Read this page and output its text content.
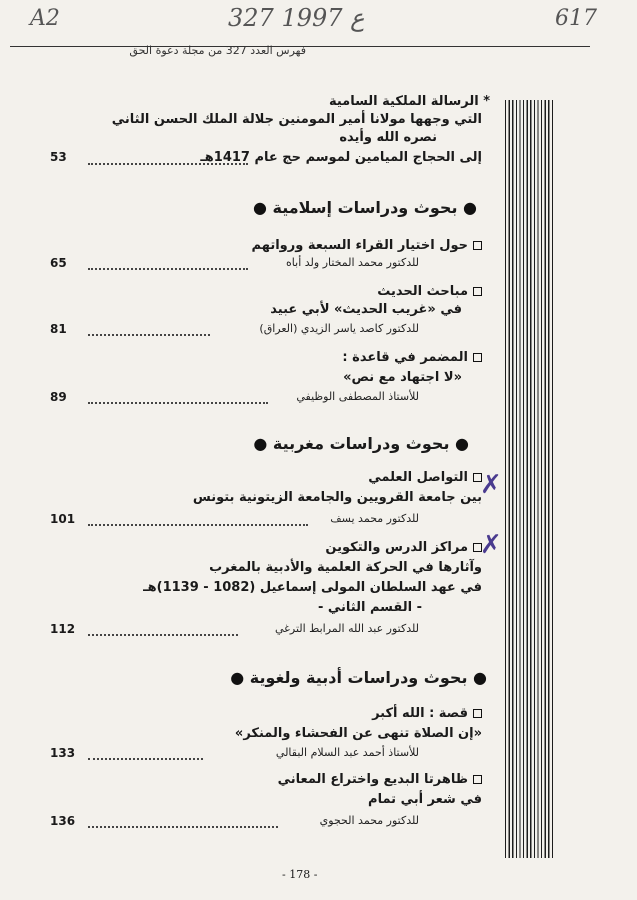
A2	327 ع 1997	617
فهرس العدد 327 من مجلة دعوة الحق
* الرسالة الملكية السامية
التي وجهها مولانا أمير المومنين جلالة الملك الحسن الثاني
نصره الله وأيده
إلى الحجاج الميامين لموسم حج عام 1417هـ
53
● بحوث ودراسات إسلامية ●
حول اختيار القراء السبعة ورواتهم
للدكتور محمد المختار ولد أباه
65
مباحث الحديث
في «غريب الحديث» لأبي عبيد
للدكتور كاصد ياسر الزيدي (العراق)
81
المضمر في قاعدة :
«لا اجتهاد مع نص»
للأستاذ المصطفى الوظيفي
89
● بحوث ودراسات مغربية ●
✗
التواصل العلمي
بين جامعة القرويين والجامعة الزيتونية بتونس
للدكتور محمد يسف
101
✗
مراكز الدرس والتكوين
وآثارها في الحركة العلمية والأدبية بالمغرب
في عهد السلطان المولى إسماعيل (1082 - 1139)هـ
- القسم الثاني -
للدكتور عبد الله المرابط الترغي
112
● بحوث ودراسات أدبية ولغوية ●
قصة : الله أكبر
«إن الصلاة تنهى عن الفحشاء والمنكر»
للأستاذ أحمد عبد السلام البقالي
133
ظاهرتا البديع واختراع المعاني
في شعر أبي تمام
للدكتور محمد الحجوي
136
- 178 -
